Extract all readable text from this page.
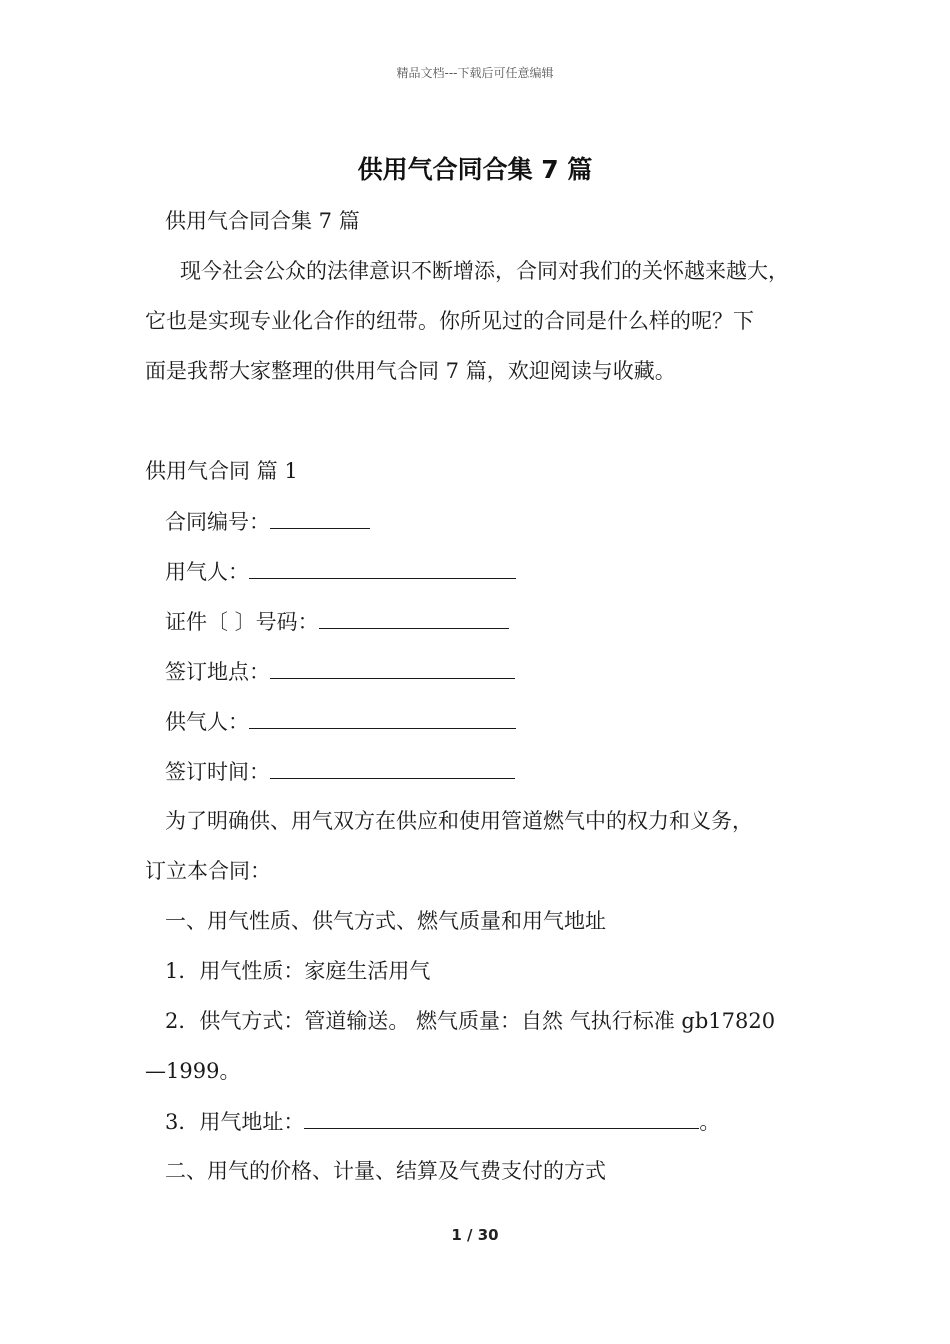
精品文档---下载后可任意编辑
供用气合同合集 7 篇
供用气合同合集 7 篇
现今社会公众的法律意识不断增添，合同对我们的关怀越来越大，
它也是实现专业化合作的纽带。你所见过的合同是什么样的呢？下
面是我帮大家整理的供用气合同 7 篇，欢迎阅读与收藏。
供用气合同 篇 1
合同编号：
用气人：
证件〔 〕号码：
签订地点：
供气人：
签订时间：
为了明确供、用气双方在供应和使用管道燃气中的权力和义务，
订立本合同：
一、用气性质、供气方式、燃气质量和用气地址
1．用气性质：家庭生活用气
2．供气方式：管道输送。 燃气质量：自然 气执行标准 gb17820
—1999。
3．用气地址：	。
二、用气的价格、计量、结算及气费支付的方式
1 / 30
